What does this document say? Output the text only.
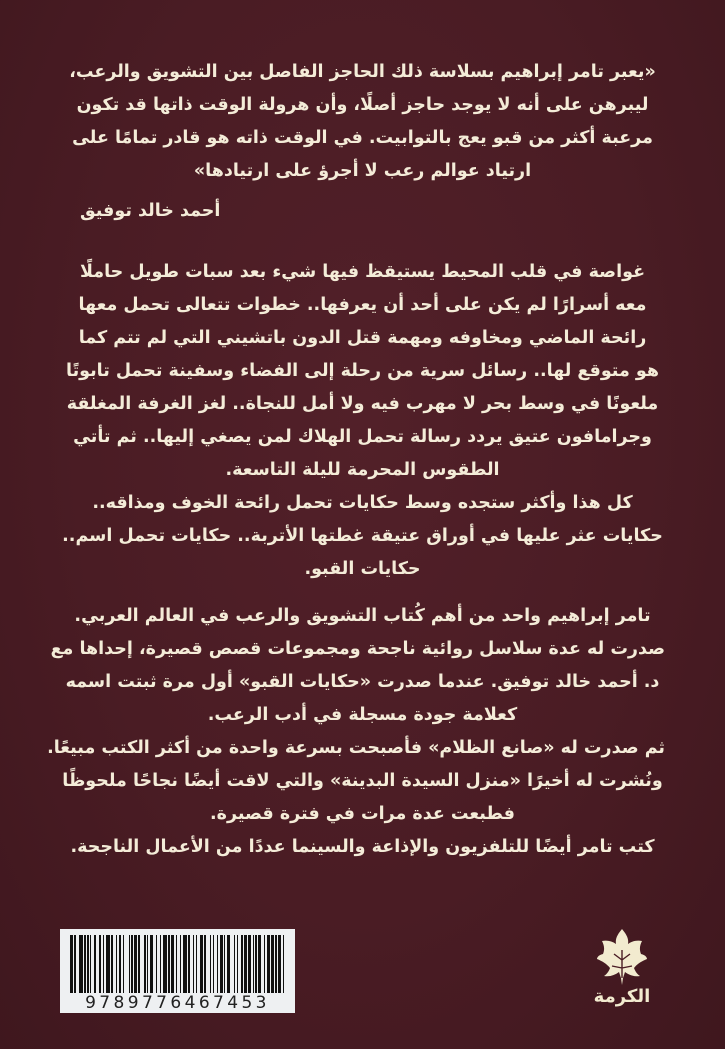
«يعبر تامر إبراهيم بسلاسة ذلك الحاجز الفاصل بين التشويق والرعب،

ليبرهن على أنه لا يوجد حاجز أصلًا، وأن هرولة الوقت ذاتها قد تكون

مرعبة أكثر من قبو يعج بالتوابيت. في الوقت ذاته هو قادر تمامًا على

ارتياد عوالم رعب لا أجرؤ على ارتيادها»

أحمد خالد توفيق

غواصة في قلب المحيط يستيقظ فيها شيء بعد سبات طويل حاملًا

معه أسرارًا لم يكن على أحد أن يعرفها.. خطوات تتعالى تحمل معها

رائحة الماضي ومخاوفه ومهمة قتل الدون باتشيني التي لم تتم كما

هو متوقع لها.. رسائل سرية من رحلة إلى الفضاء وسفينة تحمل تابوتًا

ملعونًا في وسط بحر لا مهرب فيه ولا أمل للنجاة.. لغز الغرفة المغلقة

وجرامافون عتيق يردد رسالة تحمل الهلاك لمن يصغي إليها.. ثم تأتي

الطقوس المحرمة لليلة التاسعة.

كل هذا وأكثر ستجده وسط حكايات تحمل رائحة الخوف ومذاقه..

حكايات عثر عليها في أوراق عتيقة غطتها الأتربة.. حكايات تحمل اسم..

حكايات القبو.

تامر إبراهيم واحد من أهم كُتاب التشويق والرعب في العالم العربي.

صدرت له عدة سلاسل روائية ناجحة ومجموعات قصص قصيرة، إحداها مع

د. أحمد خالد توفيق. عندما صدرت «حكايات القبو» أول مرة ثبتت اسمه

كعلامة جودة مسجلة في أدب الرعب.

ثم صدرت له «صانع الظلام» فأصبحت بسرعة واحدة من أكثر الكتب مبيعًا.

ونُشرت له أخيرًا «منزل السيدة البدينة» والتي لاقت أيضًا نجاحًا ملحوظًا

فطبعت عدة مرات في فترة قصيرة.

كتب تامر أيضًا للتلفزيون والإذاعة والسينما عددًا من الأعمال الناجحة.

9789776467453	الكرمة
